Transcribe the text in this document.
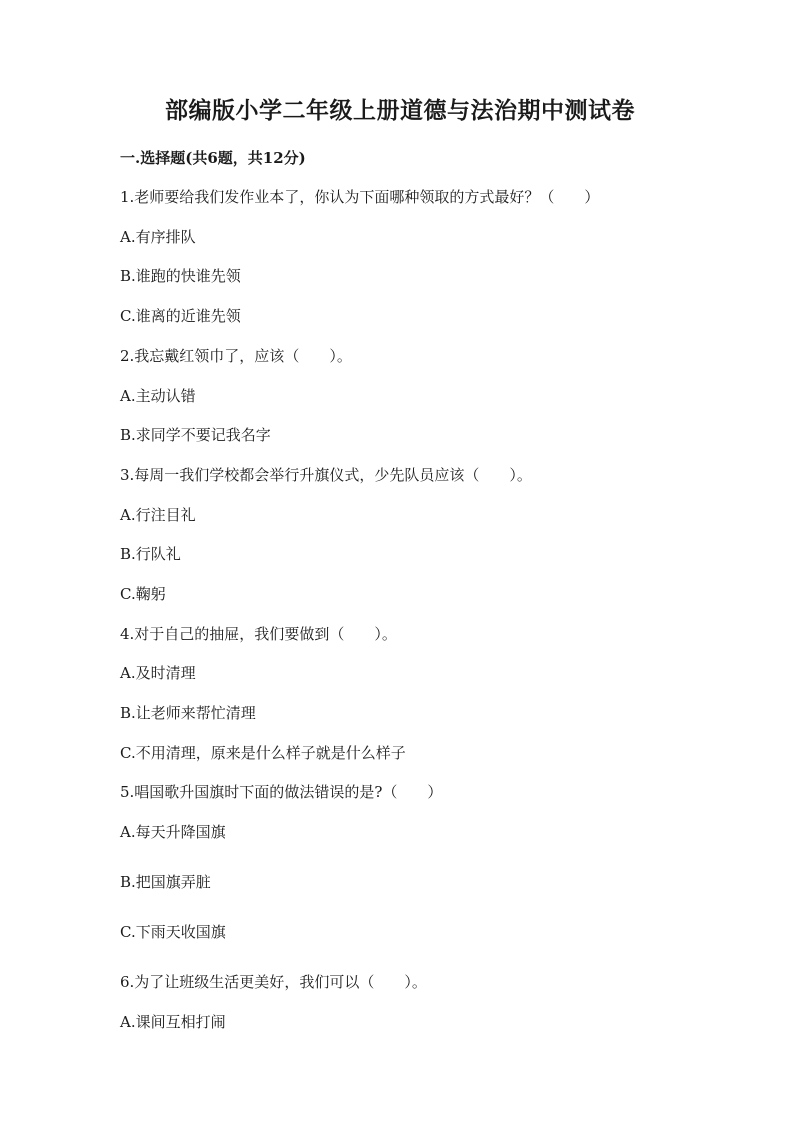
部编版小学二年级上册道德与法治期中测试卷
一.选择题(共6题，共12分)
1.老师要给我们发作业本了，你认为下面哪种领取的方式最好？（　　）
A.有序排队
B.谁跑的快谁先领
C.谁离的近谁先领
2.我忘戴红领巾了，应该（　　）。
A.主动认错
B.求同学不要记我名字
3.每周一我们学校都会举行升旗仪式，少先队员应该（　　）。
A.行注目礼
B.行队礼
C.鞠躬
4.对于自己的抽屉，我们要做到（　　）。
A.及时清理
B.让老师来帮忙清理
C.不用清理，原来是什么样子就是什么样子
5.唱国歌升国旗时下面的做法错误的是?（　　）
A.每天升降国旗
B.把国旗弄脏
C.下雨天收国旗
6.为了让班级生活更美好，我们可以（　　）。
A.课间互相打闹
